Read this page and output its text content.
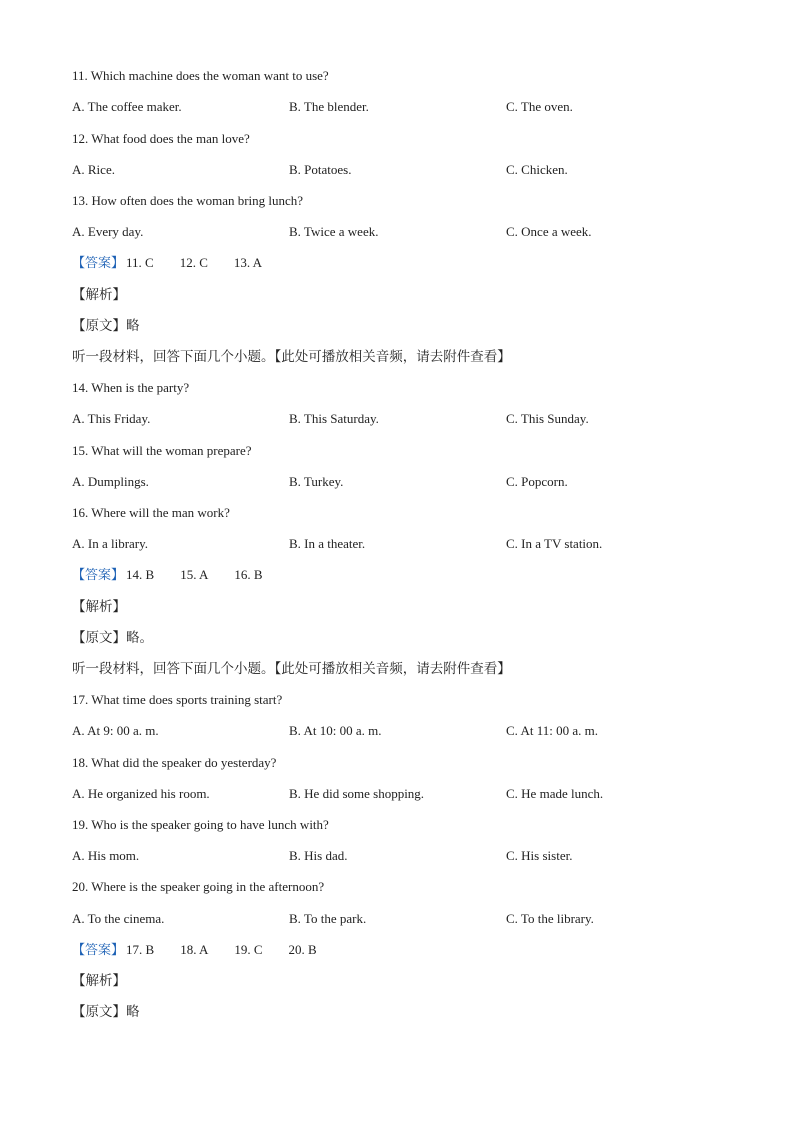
11. Which machine does the woman want to use?
A. The coffee maker.	B. The blender.	C. The oven.
12. What food does the man love?
A. Rice.	B. Potatoes.	C. Chicken.
13. How often does the woman bring lunch?
A. Every day.	B. Twice a week.	C. Once a week.
【答案】 11. C 12. C 13. A
【解析】
【原文】略
听一段材料，回答下面几个小题。【此处可播放相关音频，请去附件查看】
14. When is the party?
A. This Friday.	B. This Saturday.	C. This Sunday.
15. What will the woman prepare?
A. Dumplings.	B. Turkey.	C. Popcorn.
16. Where will the man work?
A. In a library.	B. In a theater.	C. In a TV station.
【答案】 14. B 15. A 16. B
【解析】
【原文】略。
听一段材料，回答下面几个小题。【此处可播放相关音频，请去附件查看】
17. What time does sports training start?
A. At 9: 00 a. m.	B. At 10: 00 a. m.	C. At 11: 00 a. m.
18. What did the speaker do yesterday?
A. He organized his room.	B. He did some shopping.	C. He made lunch.
19. Who is the speaker going to have lunch with?
A. His mom.	B. His dad.	C. His sister.
20. Where is the speaker going in the afternoon?
A. To the cinema.	B. To the park.	C. To the library.
【答案】 17. B 18. A 19. C 20. B
【解析】
【原文】略
